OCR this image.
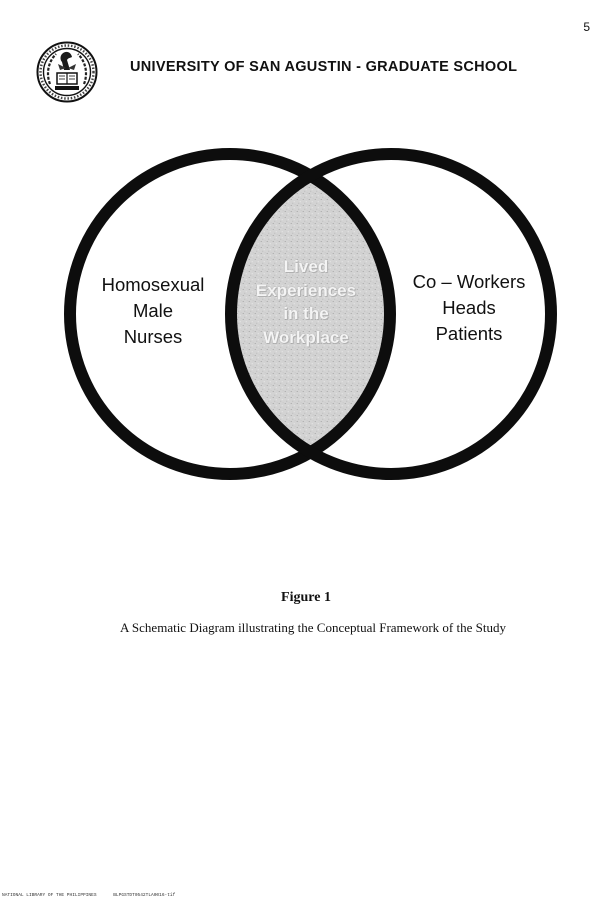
5
UNIVERSITY OF SAN AGUSTIN - GRADUATE SCHOOL
Homosexual
Male
Nurses
Co – Workers
Heads
Patients
Lived
Experiences
in the
Workplace
Figure 1
A Schematic Diagram illustrating the Conceptual Framework of the Study
NATIONAL LIBRARY OF THE PHILIPPINES	BLPGSTDT0542TLA0016-tif
